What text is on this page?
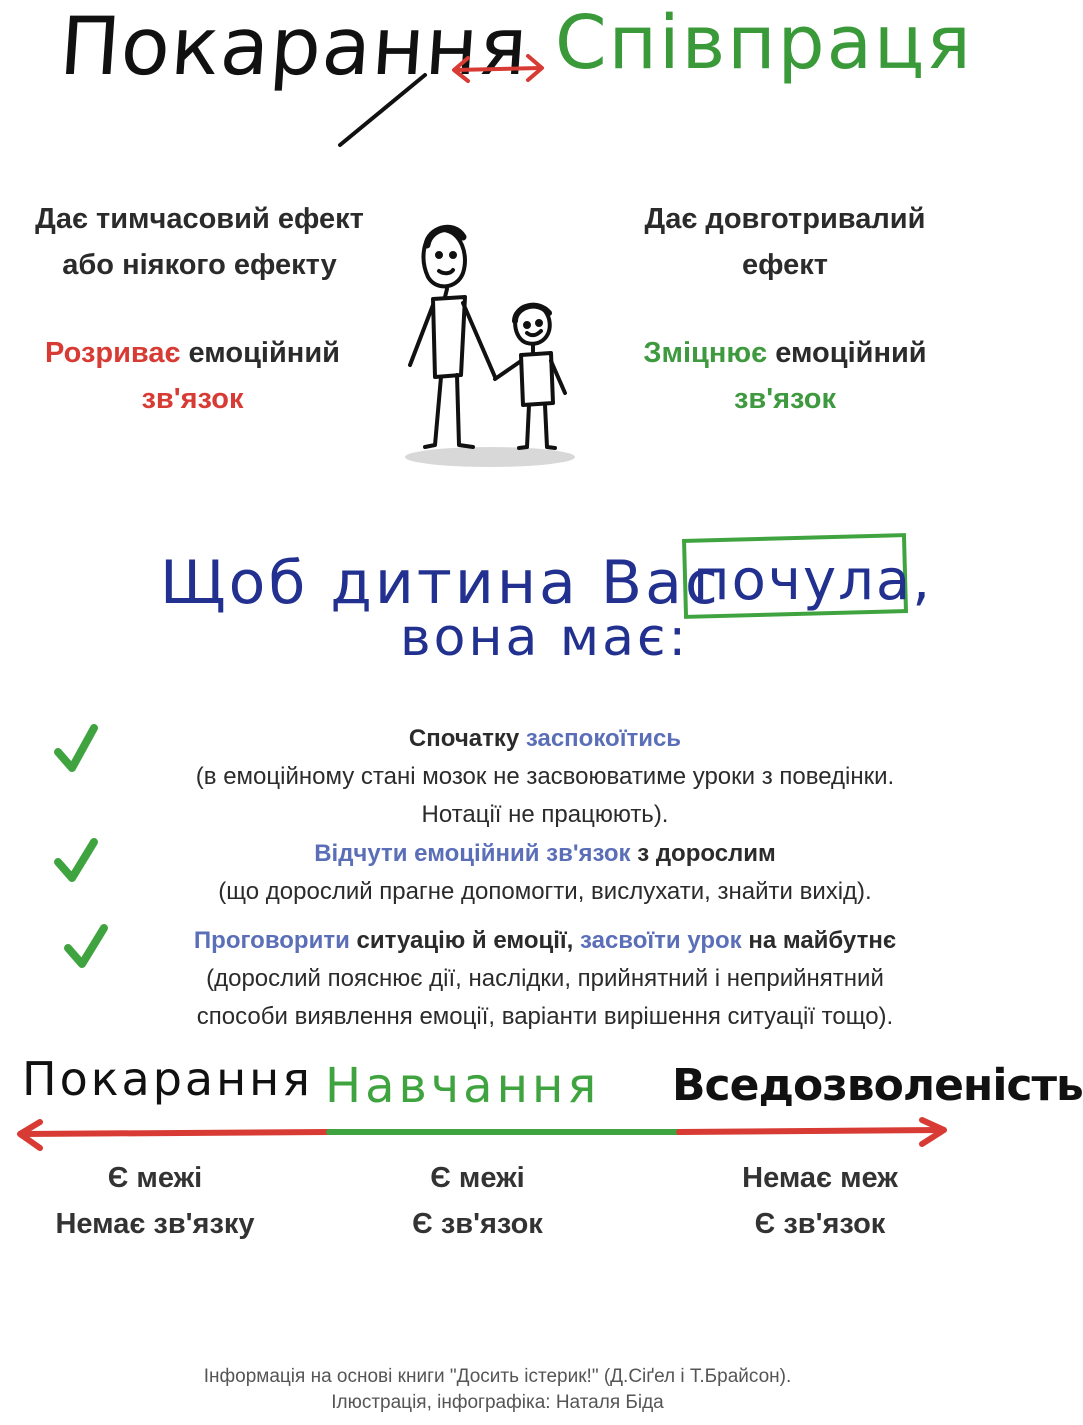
Покарання Співпраця
Дає тимчасовий ефект
або ніякого ефекту
Дає довготривалий
ефект
Розриває емоційний
зв'язок
Зміцнює емоційний
зв'язок
Щоб дитина Вас
почула,
вона має:
Спочатку заспокоїтись
(в емоційному стані мозок не засвоюватиме уроки з поведінки.
Нотації не працюють).
Відчути емоційний зв'язок з дорослим
(що дорослий прагне допомогти, вислухати, знайти вихід).
Проговорити ситуацію й емоції, засвоїти урок на майбутнє
(дорослий пояснює дії, наслідки, прийнятний і неприйнятний
способи виявлення емоції, варіанти вирішення ситуації тощо).
Покарання Навчання Вседозволеність
Є межі
Немає зв'язку
Є межі
Є зв'язок
Немає меж
Є зв'язок
Інформація на основі книги "Досить істерик!" (Д.Сіґел і Т.Брайсон).
Ілюстрація, інфографіка: Наталя Біда
